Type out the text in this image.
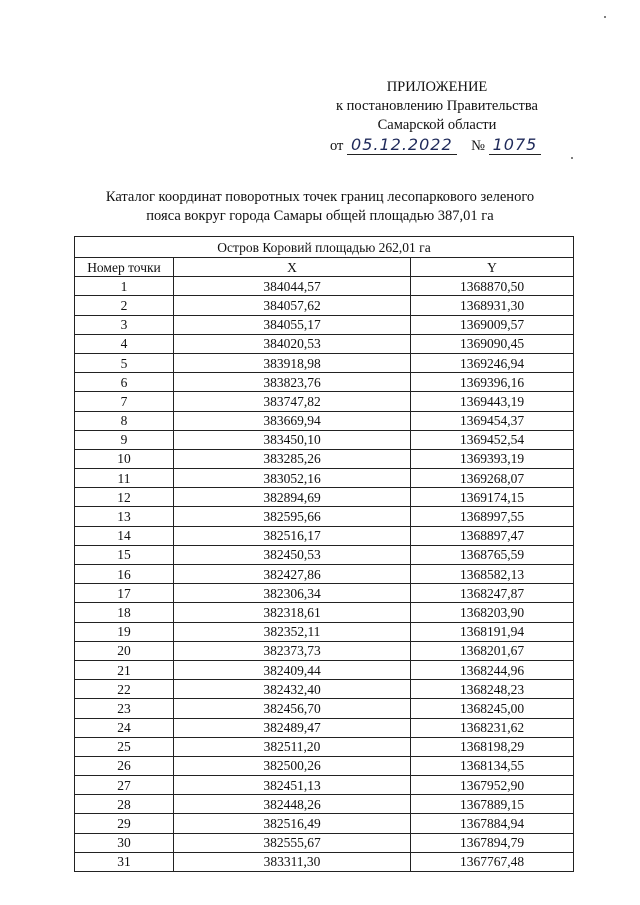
ПРИЛОЖЕНИЕ
к постановлению Правительства
Самарской области
от 05.12.2022 № 1075
Каталог координат поворотных точек границ лесопаркового зеленого
пояса вокруг города Самары общей площадью 387,01 га
Остров Коровий площадью 262,01 га		
Номер точки	X	Y
1	384044,57	1368870,50
2	384057,62	1368931,30
3	384055,17	1369009,57
4	384020,53	1369090,45
5	383918,98	1369246,94
6	383823,76	1369396,16
7	383747,82	1369443,19
8	383669,94	1369454,37
9	383450,10	1369452,54
10	383285,26	1369393,19
11	383052,16	1369268,07
12	382894,69	1369174,15
13	382595,66	1368997,55
14	382516,17	1368897,47
15	382450,53	1368765,59
16	382427,86	1368582,13
17	382306,34	1368247,87
18	382318,61	1368203,90
19	382352,11	1368191,94
20	382373,73	1368201,67
21	382409,44	1368244,96
22	382432,40	1368248,23
23	382456,70	1368245,00
24	382489,47	1368231,62
25	382511,20	1368198,29
26	382500,26	1368134,55
27	382451,13	1367952,90
28	382448,26	1367889,15
29	382516,49	1367884,94
30	382555,67	1367894,79
31	383311,30	1367767,48
